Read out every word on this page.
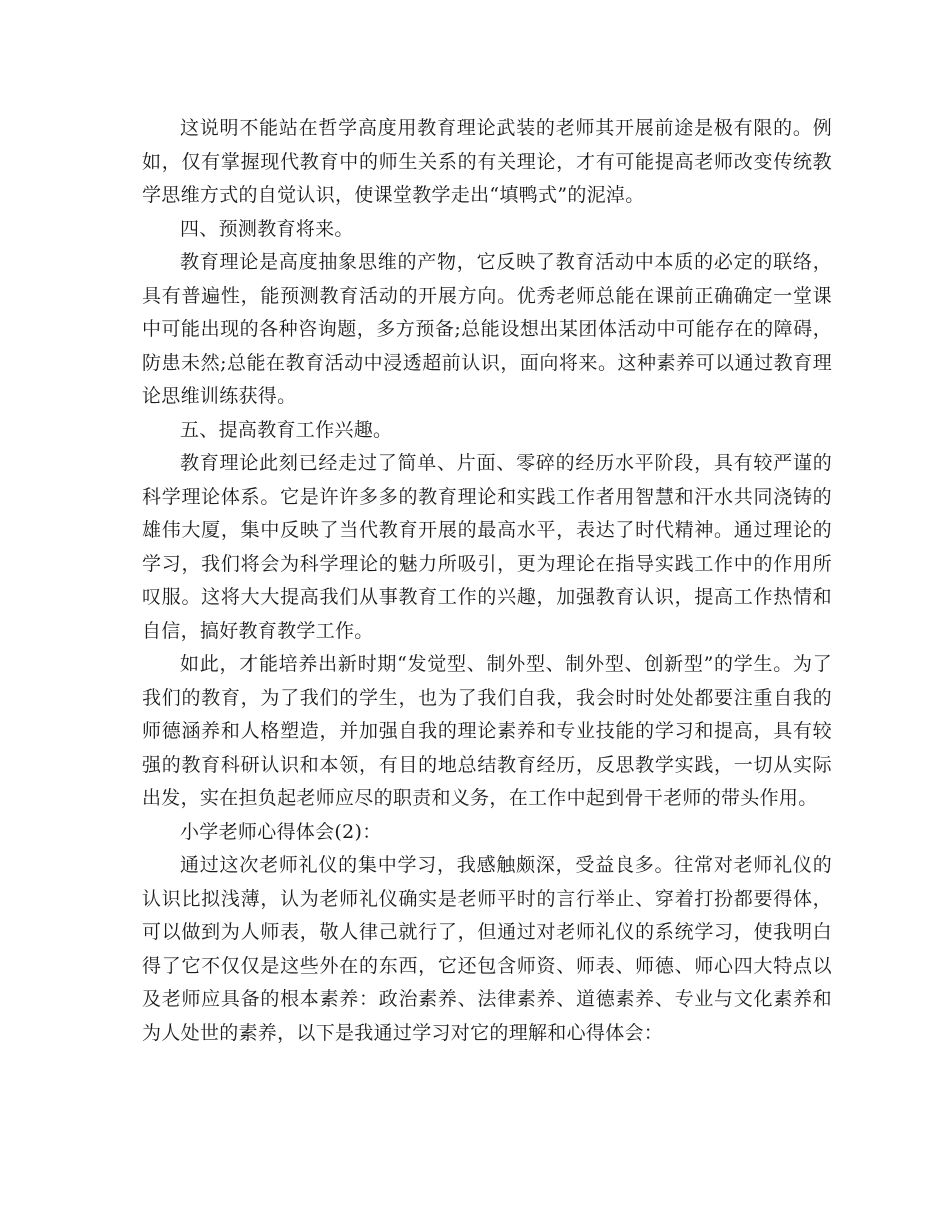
这说明不能站在哲学高度用教育理论武装的老师其开展前途是极有限的。例如，仅有掌握现代教育中的师生关系的有关理论，才有可能提高老师改变传统教学思维方式的自觉认识，使课堂教学走出“填鸭式”的泥淖。

四、预测教育将来。

教育理论是高度抽象思维的产物，它反映了教育活动中本质的必定的联络，具有普遍性，能预测教育活动的开展方向。优秀老师总能在课前正确确定一堂课中可能出现的各种咨询题，多方预备;总能设想出某团体活动中可能存在的障碍，防患未然;总能在教育活动中浸透超前认识，面向将来。这种素养可以通过教育理论思维训练获得。

五、提高教育工作兴趣。

教育理论此刻已经走过了简单、片面、零碎的经历水平阶段，具有较严谨的科学理论体系。它是许许多多的教育理论和实践工作者用智慧和汗水共同浇铸的雄伟大厦，集中反映了当代教育开展的最高水平，表达了时代精神。通过理论的学习，我们将会为科学理论的魅力所吸引，更为理论在指导实践工作中的作用所叹服。这将大大提高我们从事教育工作的兴趣，加强教育认识，提高工作热情和自信，搞好教育教学工作。

如此，才能培养出新时期“发觉型、制外型、制外型、创新型”的学生。为了我们的教育，为了我们的学生，也为了我们自我，我会时时处处都要注重自我的师德涵养和人格塑造，并加强自我的理论素养和专业技能的学习和提高，具有较强的教育科研认识和本领，有目的地总结教育经历，反思教学实践，一切从实际出发，实在担负起老师应尽的职责和义务，在工作中起到骨干老师的带头作用。

小学老师心得体会(2)：

通过这次老师礼仪的集中学习，我感触颇深，受益良多。往常对老师礼仪的认识比拟浅薄，认为老师礼仪确实是老师平时的言行举止、穿着打扮都要得体，可以做到为人师表，敬人律己就行了，但通过对老师礼仪的系统学习，使我明白得了它不仅仅是这些外在的东西，它还包含师资、师表、师德、师心四大特点以及老师应具备的根本素养：政治素养、法律素养、道德素养、专业与文化素养和为人处世的素养，以下是我通过学习对它的理解和心得体会：
